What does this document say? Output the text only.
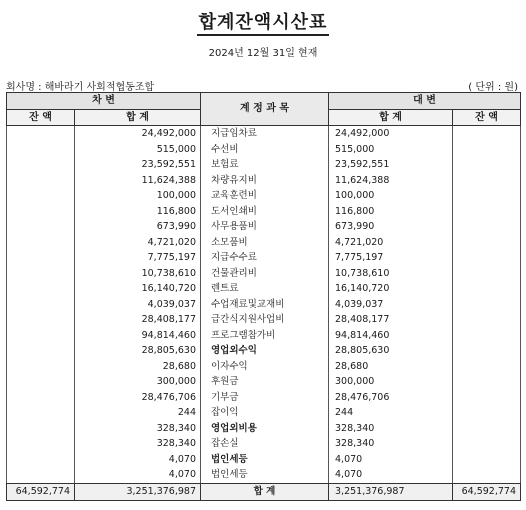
합계잔액시산표
2024년 12월 31일 현재
회사명 : 해바라기 사회적협동조합	( 단위 : 원)
차 변		계 정 과 목	대 변	
잔 액	합 계		합 계	잔 액
	24,492,000	지급임차료	24,492,000	
	515,000	수선비	515,000	
	23,592,551	보험료	23,592,551	
	11,624,388	차량유지비	11,624,388	
	100,000	교육훈련비	100,000	
	116,800	도서인쇄비	116,800	
	673,990	사무용품비	673,990	
	4,721,020	소모품비	4,721,020	
	7,775,197	지급수수료	7,775,197	
	10,738,610	건물관리비	10,738,610	
	16,140,720	렌트료	16,140,720	
	4,039,037	수업재료및교재비	4,039,037	
	28,408,177	급간식지원사업비	28,408,177	
	94,814,460	프로그램참가비	94,814,460	
	28,805,630	영업외수익	28,805,630	
	28,680	이자수익	28,680	
	300,000	후원금	300,000	
	28,476,706	기부금	28,476,706	
	244	잡이익	244	
	328,340	영업외비용	328,340	
	328,340	잡손실	328,340	
	4,070	법인세등	4,070	
	4,070	법인세등	4,070	
64,592,774	3,251,376,987	합 계	3,251,376,987	64,592,774
